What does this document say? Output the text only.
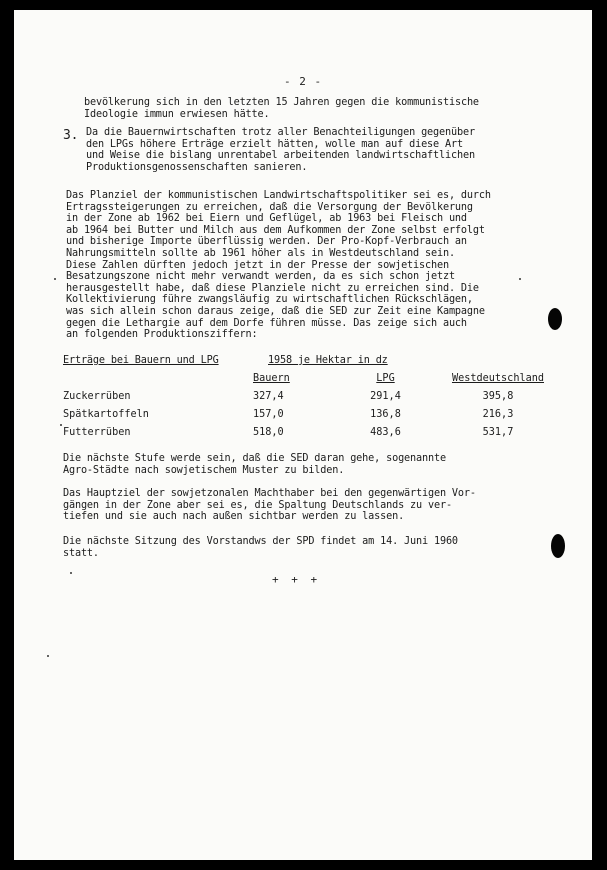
- 2 -
bevölkerung sich in den letzten 15 Jahren gegen die kommunistische
Ideologie immun erwiesen hätte.
3. Da die Bauernwirtschaften trotz aller Benachteiligungen gegenüber
den LPGs höhere Erträge erzielt hätten, wolle man auf diese Art
und Weise die bislang unrentabel arbeitenden landwirtschaftlichen
Produktionsgenossenschaften sanieren.
Das Planziel der kommunistischen Landwirtschaftspolitiker sei es, durch
Ertragssteigerungen zu erreichen, daß die Versorgung der Bevölkerung
in der Zone ab 1962 bei Eiern und Geflügel, ab 1963 bei Fleisch und
ab 1964 bei Butter und Milch aus dem Aufkommen der Zone selbst erfolgt
und bisherige Importe überflüssig werden. Der Pro-Kopf-Verbrauch an
Nahrungsmitteln sollte ab 1961 höher als in Westdeutschland sein.
Diese Zahlen dürften jedoch jetzt in der Presse der sowjetischen
Besatzungszone nicht mehr verwandt werden, da es sich schon jetzt
herausgestellt habe, daß diese Planziele nicht zu erreichen sind. Die
Kollektivierung führe zwangsläufig zu wirtschaftlichen Rückschlägen,
was sich allein schon daraus zeige, daß die SED zur Zeit eine Kampagne
gegen die Lethargie auf dem Dorfe führen müsse. Das zeige sich auch
an folgenden Produktionsziffern:
Erträge bei Bauern und LPG	1958 je Hektar in dz
	Bauern	LPG	Westdeutschland
Zuckerrüben	327,4	291,4	395,8
Spätkartoffeln	157,0	136,8	216,3
Futterrüben	518,0	483,6	531,7
Die nächste Stufe werde sein, daß die SED daran gehe, sogenannte
Agro-Städte nach sowjetischem Muster zu bilden.
Das Hauptziel der sowjetzonalen Machthaber bei den gegenwärtigen Vor-
gängen in der Zone aber sei es, die Spaltung Deutschlands zu ver-
tiefen und sie auch nach außen sichtbar werden zu lassen.
Die nächste Sitzung des Vorstandws der SPD findet am 14. Juni 1960
statt.
+ + +
